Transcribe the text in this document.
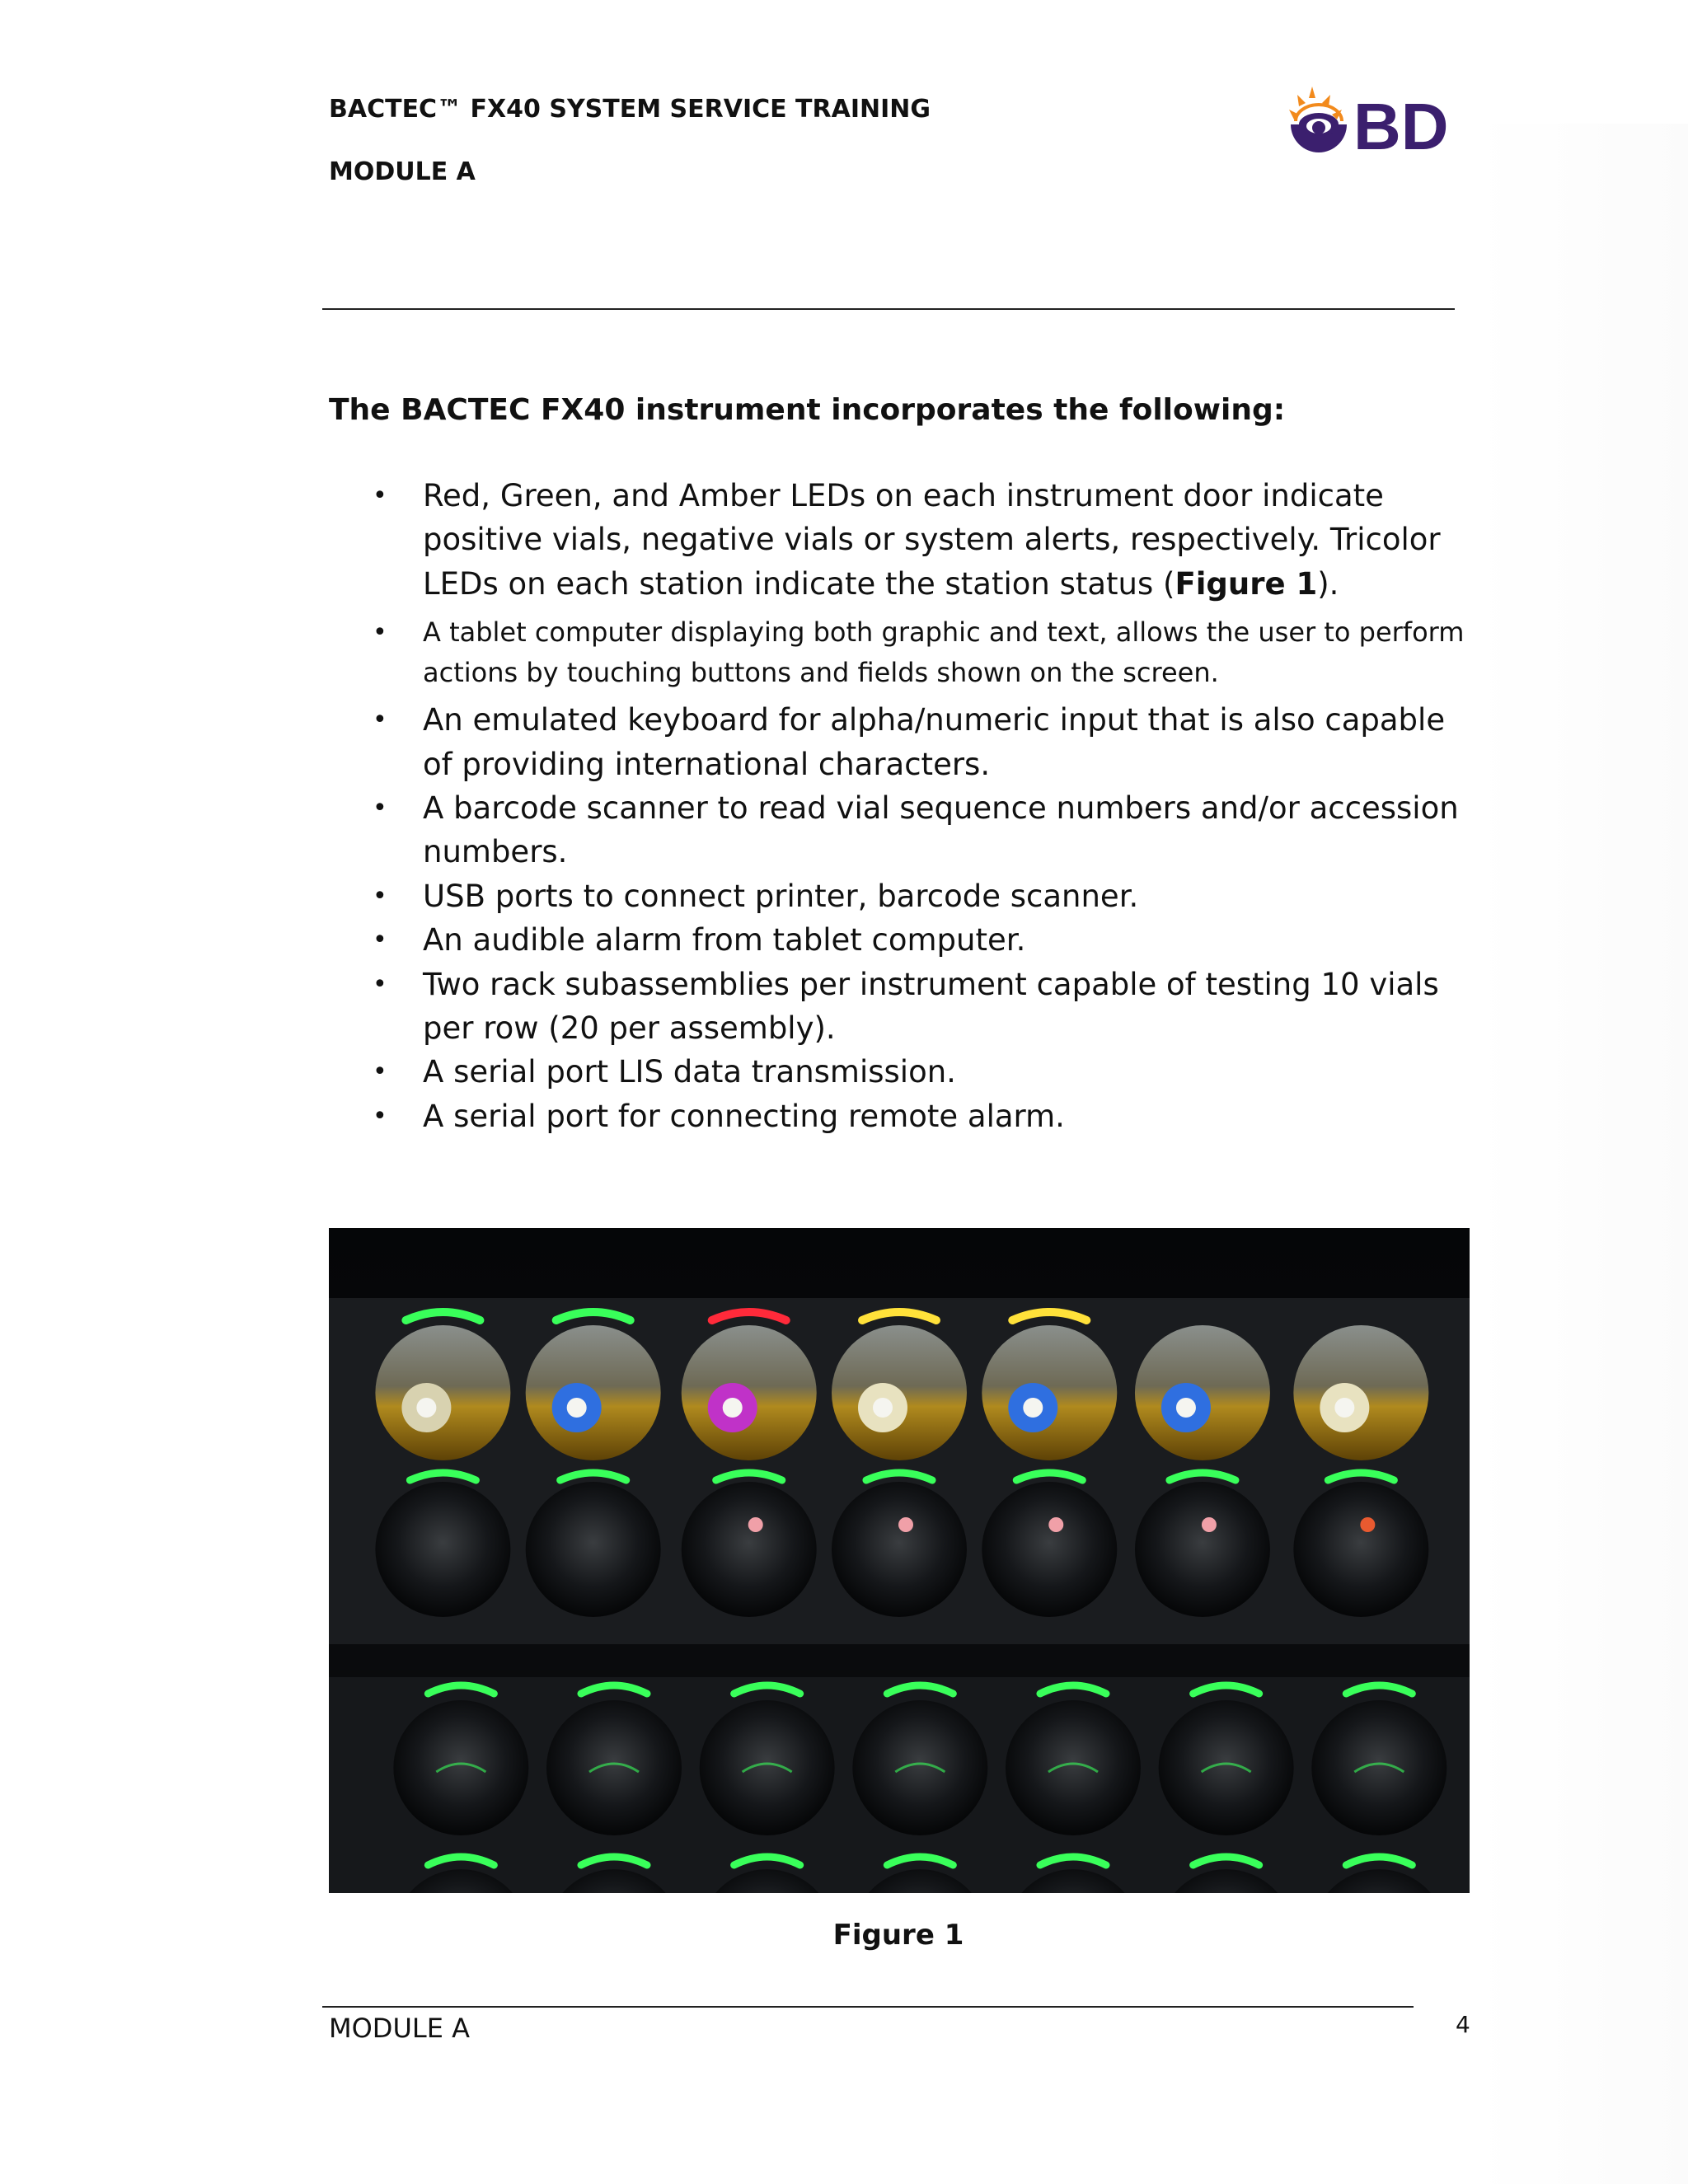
BACTEC™ FX40 SYSTEM SERVICE TRAINING
MODULE A
BD
The BACTEC FX40 instrument incorporates the following:
• Red, Green, and Amber LEDs on each instrument door indicate positive vials, negative vials or system alerts, respectively. Tricolor LEDs on each station indicate the station status (Figure 1).
• A tablet computer displaying both graphic and text, allows the user to perform actions by touching buttons and fields shown on the screen.
• An emulated keyboard for alpha/numeric input that is also capable of providing international characters.
• A barcode scanner to read vial sequence numbers and/or accession numbers.
• USB ports to connect printer, barcode scanner.
• An audible alarm from tablet computer.
• Two rack subassemblies per instrument capable of testing 10 vials per row (20 per assembly).
• A serial port LIS data transmission.
• A serial port for connecting remote alarm.
Figure 1
MODULE A	4
